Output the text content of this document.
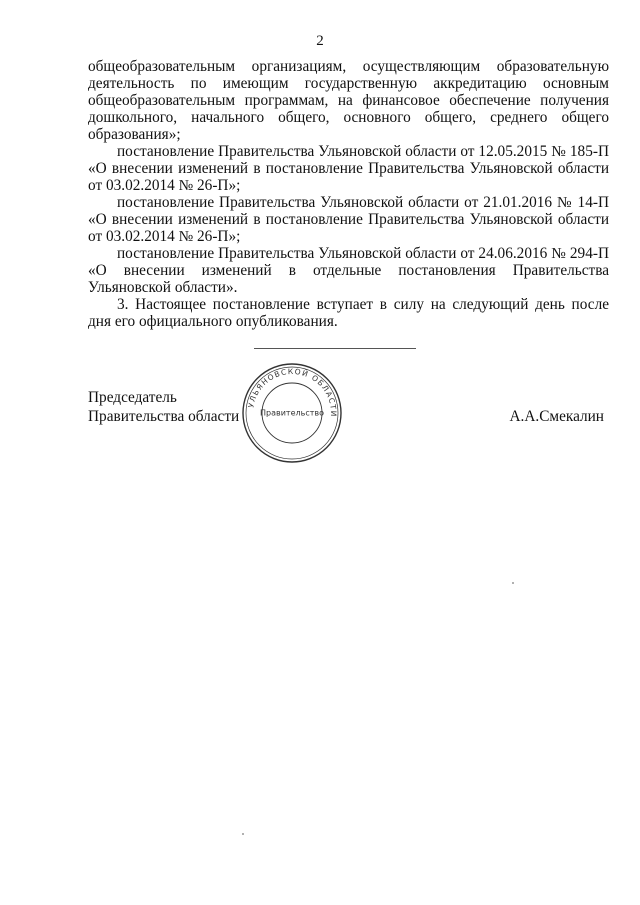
2

общеобразовательным организациям, осуществляющим образовательную деятельность по имеющим государственную аккредитацию основным общеобразовательным программам, на финансовое обеспечение получения дошкольного, начального общего, основного общего, среднего общего образования»;

постановление Правительства Ульяновской области от 12.05.2015 № 185-П «О внесении изменений в постановление Правительства Ульяновской области от 03.02.2014 № 26-П»;

постановление Правительства Ульяновской области от 21.01.2016 № 14-П «О внесении изменений в постановление Правительства Ульяновской области от 03.02.2014 № 26-П»;

постановление Правительства Ульяновской области от 24.06.2016 № 294-П «О внесении изменений в отдельные постановления Правительства Ульяновской области».

3. Настоящее постановление вступает в силу на следующий день после дня его официального опубликования.

Председатель
Правительства области
УЛЬЯНОВСКОЙ ОБЛАСТИ
Правительство	А.А.Смекалин
